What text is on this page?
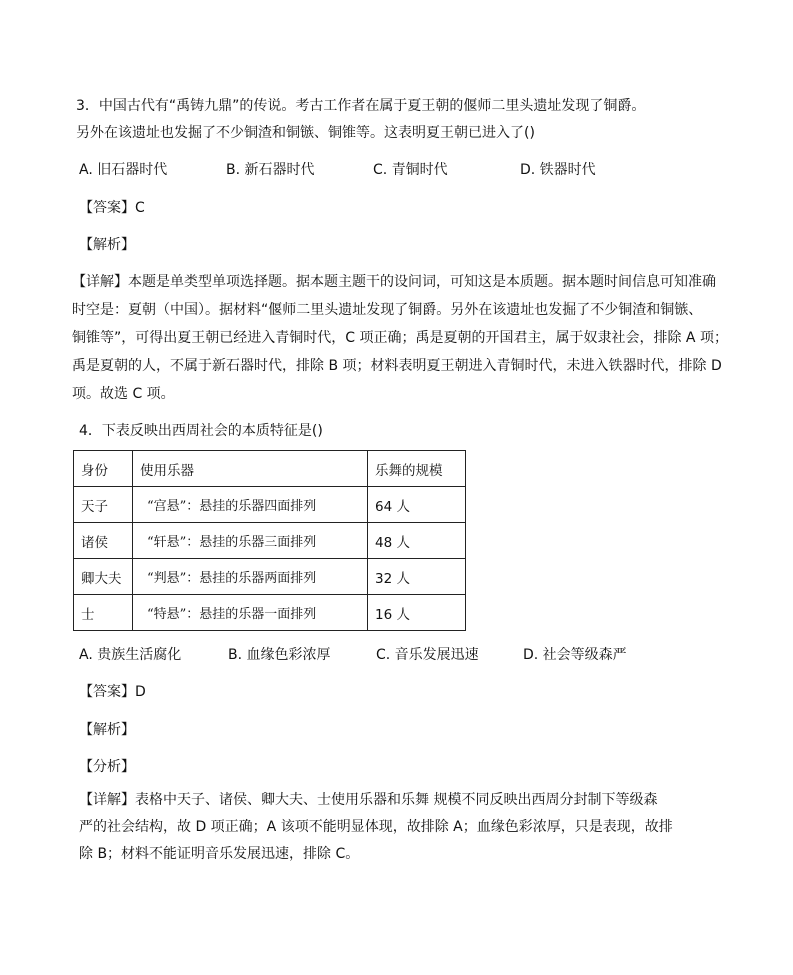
3．中国古代有“禹铸九鼎”的传说。考古工作者在属于夏王朝的偃师二里头遗址发现了铜爵。
另外在该遗址也发掘了不少铜渣和铜镞、铜锥等。这表明夏王朝已进入了()
A. 旧石器时代	B. 新石器时代	C. 青铜时代	D. 铁器时代
【答案】C
【解析】
【详解】本题是单类型单项选择题。据本题主题干的设问词，可知这是本质题。据本题时间信息可知准确
时空是：夏朝（中国）。据材料“偃师二里头遗址发现了铜爵。另外在该遗址也发掘了不少铜渣和铜镞、
铜锥等”，可得出夏王朝已经进入青铜时代，C 项正确；禹是夏朝的开国君主，属于奴隶社会，排除 A 项；
禹是夏朝的人，不属于新石器时代，排除 B 项；材料表明夏王朝进入青铜时代，未进入铁器时代，排除 D
项。故选 C 项。
4．下表反映出西周社会的本质特征是()
身份	使用乐器	乐舞的规模
天子	“宫悬”：悬挂的乐器四面排列	64 人
诸侯	“轩悬”：悬挂的乐器三面排列	48 人
卿大夫	“判悬”：悬挂的乐器两面排列	32 人
士	“特悬”：悬挂的乐器一面排列	16 人
A. 贵族生活腐化	B. 血缘色彩浓厚	C. 音乐发展迅速	D. 社会等级森严
【答案】D
【解析】
【分析】
【详解】表格中天子、诸侯、卿大夫、士使用乐器和乐舞 规模不同反映出西周分封制下等级森
严的社会结构，故 D 项正确；A 该项不能明显体现，故排除 A；血缘色彩浓厚，只是表现，故排
除 B；材料不能证明音乐发展迅速，排除 C。
